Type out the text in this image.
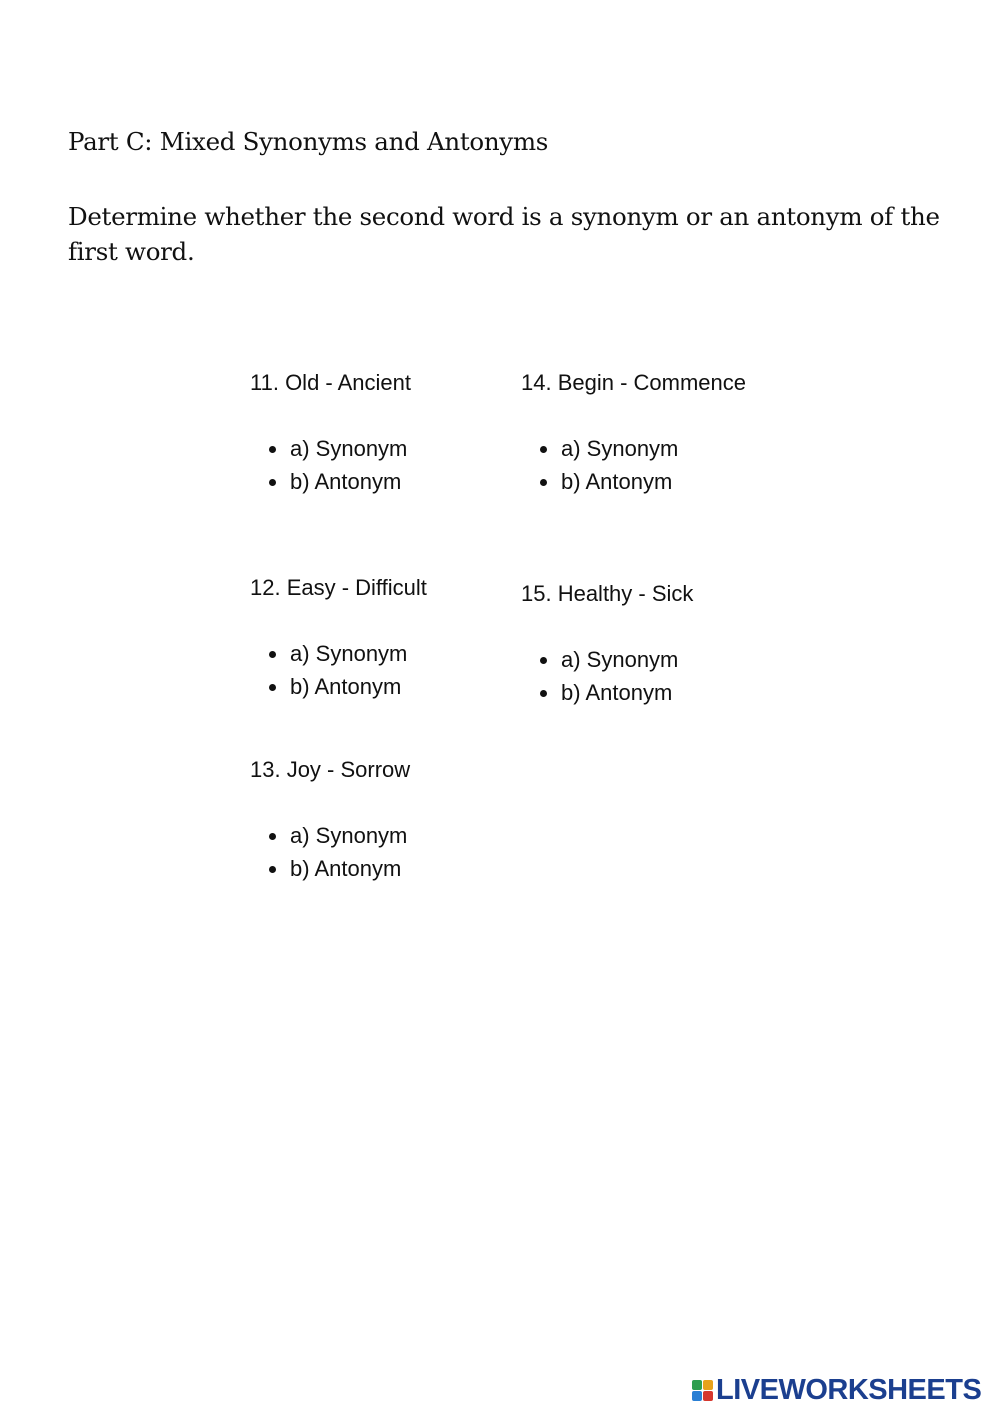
Part C: Mixed Synonyms and Antonyms

Determine whether the second word is a synonym or an antonym of the first word.

11. Old - Ancient

a) Synonym
b) Antonym

12. Easy - Difficult

a) Synonym
b) Antonym

13. Joy - Sorrow

a) Synonym
b) Antonym

14. Begin - Commence

a) Synonym
b) Antonym

15. Healthy - Sick

a) Synonym
b) Antonym
LIVEWORKSHEETS
